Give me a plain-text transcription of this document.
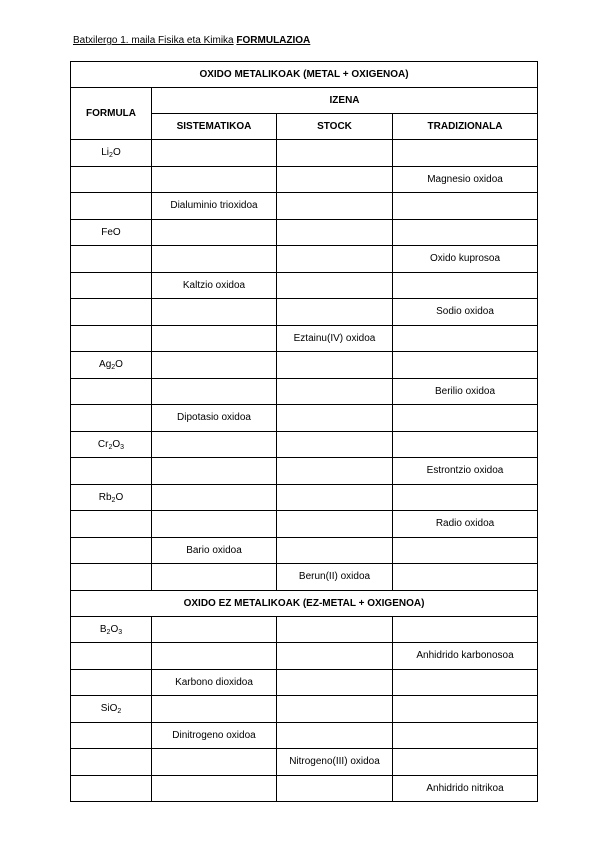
Batxilergo 1. maila Fisika eta Kimika FORMULAZIOA
OXIDO METALIKOAK (METAL + OXIGENOA)			
FORMULA	IZENA		
	SISTEMATIKOA	STOCK	TRADIZIONALA
$Li_2O$			
			Magnesio oxidoa
	Dialuminio trioxidoa		
FeO			
			Oxido kuprosoa
	Kaltzio oxidoa		
			Sodio oxidoa
		Eztainu(IV) oxidoa	
$Ag_2O$			
			Berilio oxidoa
	Dipotasio oxidoa		
$Cr_2O_3$			
			Estrontzio oxidoa
$Rb_2O$			
			Radio oxidoa
	Bario oxidoa		
		Berun(II) oxidoa	
OXIDO EZ METALIKOAK (EZ-METAL + OXIGENOA)			
$B_2O_3$			
			Anhidrido karbonosoa
	Karbono dioxidoa		
SiO$_2$			
	Dinitrogeno oxidoa		
		Nitrogeno(III) oxidoa	
			Anhidrido nitrikoa
